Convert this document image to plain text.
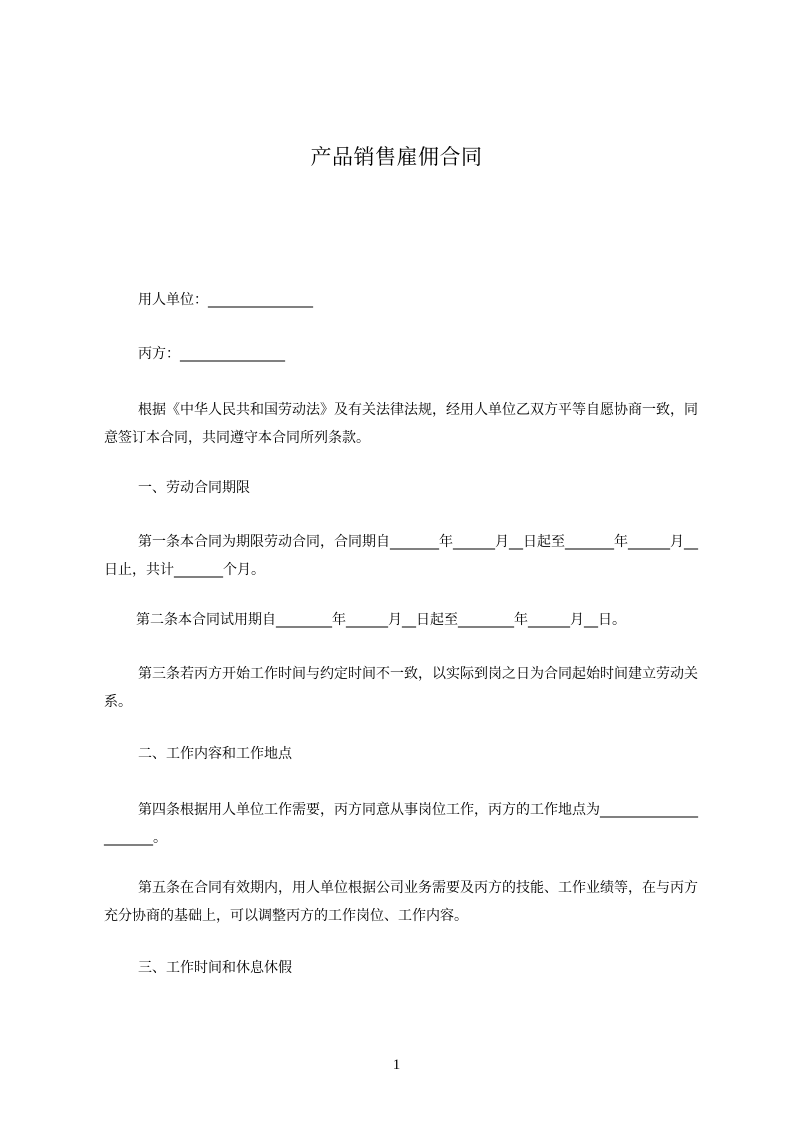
产品销售雇佣合同
用人单位：_______________
丙方：_______________
根据《中华人民共和国劳动法》及有关法律法规，经用人单位乙双方平等自愿协商一致，同意签订本合同，共同遵守本合同所列条款。
一、劳动合同期限
第一条本合同为期限劳动合同，合同期自_______年______月__日起至_______年______月__日止，共计_______个月。
第二条本合同试用期自________年______月__日起至________年______月__日。
第三条若丙方开始工作时间与约定时间不一致，以实际到岗之日为合同起始时间建立劳动关系。
二、工作内容和工作地点
第四条根据用人单位工作需要，丙方同意从事岗位工作，丙方的工作地点为_____________________。
第五条在合同有效期内，用人单位根据公司业务需要及丙方的技能、工作业绩等，在与丙方充分协商的基础上，可以调整丙方的工作岗位、工作内容。
三、工作时间和休息休假
1
